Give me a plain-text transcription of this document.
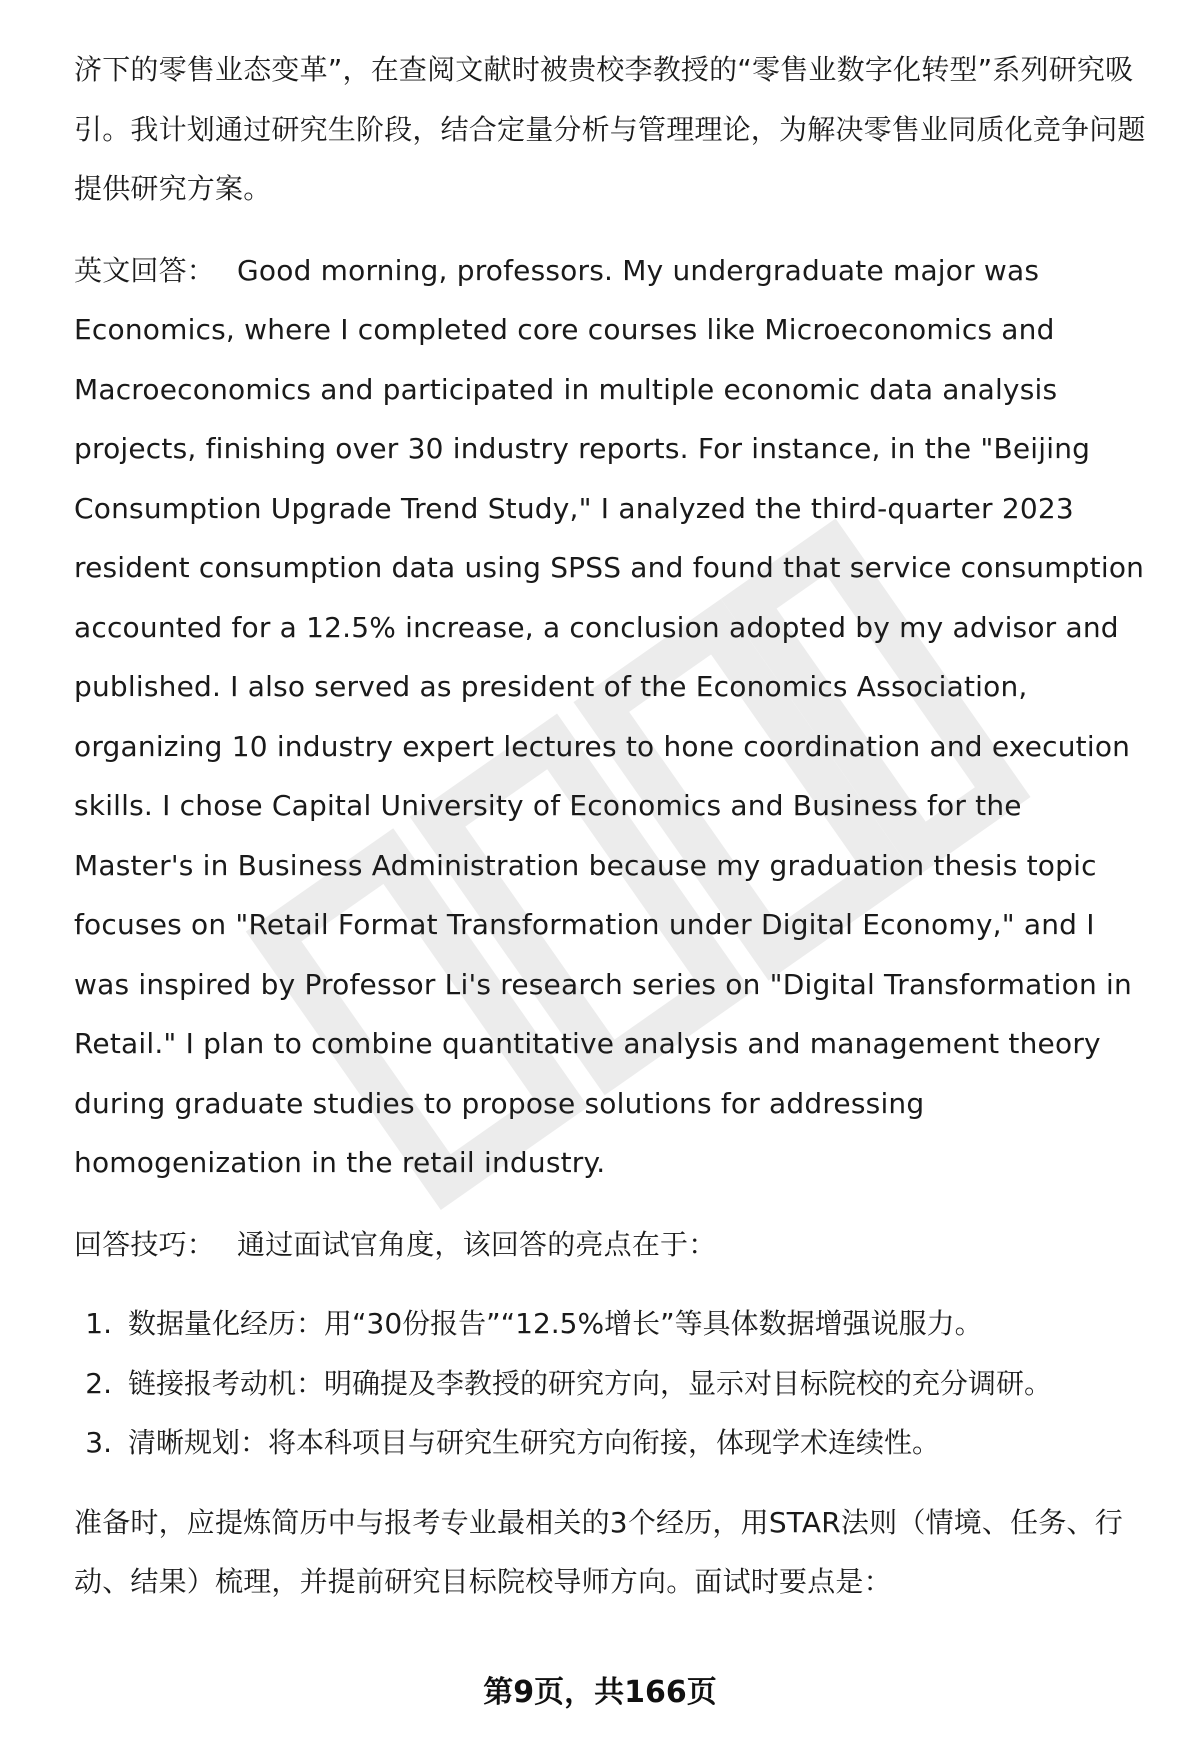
济下的零售业态变革”，在查阅文献时被贵校李教授的“零售业数字化转型”系列研究吸引。我计划通过研究生阶段，结合定量分析与管理理论，为解决零售业同质化竞争问题提供研究方案。

英文回答： Good morning, professors. My undergraduate major was Economics, where I completed core courses like Microeconomics and Macroeconomics and participated in multiple economic data analysis projects, finishing over 30 industry reports. For instance, in the "Beijing Consumption Upgrade Trend Study," I analyzed the third-quarter 2023 resident consumption data using SPSS and found that service consumption accounted for a 12.5% increase, a conclusion adopted by my advisor and published. I also served as president of the Economics Association, organizing 10 industry expert lectures to hone coordination and execution skills. I chose Capital University of Economics and Business for the Master's in Business Administration because my graduation thesis topic focuses on "Retail Format Transformation under Digital Economy," and I was inspired by Professor Li's research series on "Digital Transformation in Retail." I plan to combine quantitative analysis and management theory during graduate studies to propose solutions for addressing homogenization in the retail industry.

回答技巧： 通过面试官角度，该回答的亮点在于：

1. 数据量化经历：用“30份报告”“12.5%增长”等具体数据增强说服力。
2. 链接报考动机：明确提及李教授的研究方向，显示对目标院校的充分调研。
3. 清晰规划：将本科项目与研究生研究方向衔接，体现学术连续性。

准备时，应提炼简历中与报考专业最相关的3个经历，用STAR法则（情境、任务、行动、结果）梳理，并提前研究目标院校导师方向。面试时要点是：

第9页，共166页
